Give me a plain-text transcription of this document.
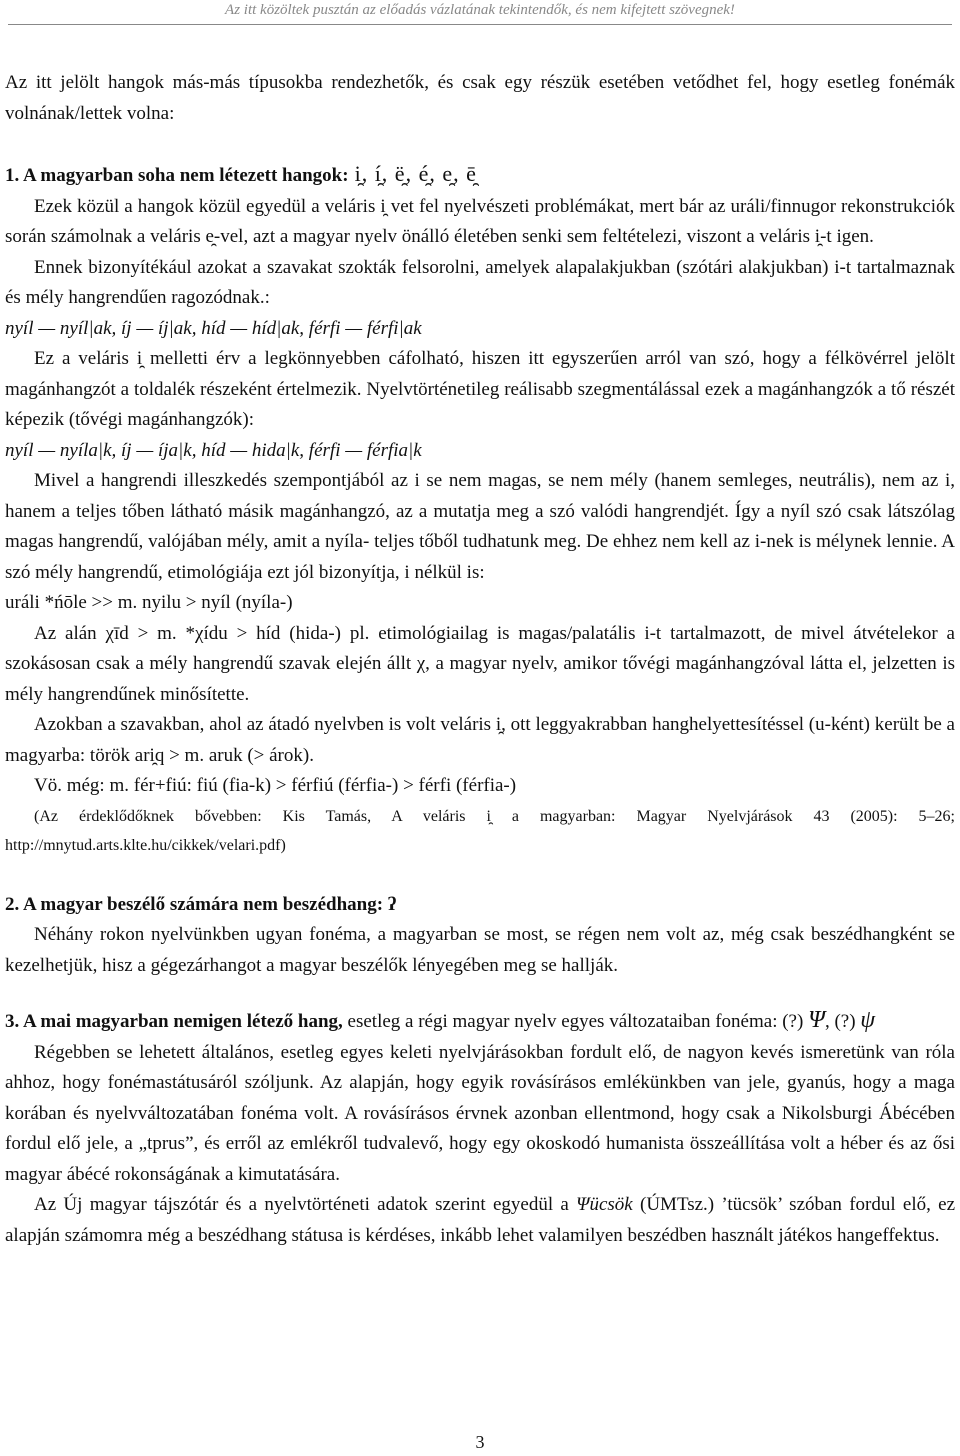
Az itt közöltek pusztán az előadás vázlatának tekintendők, és nem kifejtett szövegnek!

Az itt jelölt hangok más-más típusokba rendezhetők, és csak egy részük esetében vetődhet fel, hogy esetleg fonémák volnának/lettek volna:

1. A magyarban soha nem létezett hangok: i̯, í̯, ë̯, é̯, e̯, ē̯

Ezek közül a hangok közül egyedül a veláris i̯ vet fel nyelvészeti problémákat, mert bár az uráli/finnugor rekonstrukciók során számolnak a veláris e̯-vel, azt a magyar nyelv önálló életében senki sem feltételezi, viszont a veláris i̯-t igen.

Ennek bizonyítékául azokat a szavakat szokták felsorolni, amelyek alapalakjukban (szótári alakjukban) i-t tartalmaznak és mély hangrendűen ragozódnak.:

nyíl — nyíl|ak, íj — íj|ak, híd — híd|ak, férfi — férfi|ak

Ez a veláris i̯ melletti érv a legkönnyebben cáfolható, hiszen itt egyszerűen arról van szó, hogy a félkövérrel jelölt magánhangzót a toldalék részeként értelmezik. Nyelvtörténetileg reálisabb szegmentálással ezek a magánhangzók a tő részét képezik (tővégi magánhangzók):

nyíl — nyíla|k, íj — íja|k, híd — hida|k, férfi — férfia|k

Mivel a hangrendi illeszkedés szempontjából az i se nem magas, se nem mély (hanem semleges, neutrális), nem az i, hanem a teljes tőben látható másik magánhangzó, az a mutatja meg a szó valódi hangrendjét. Így a nyíl szó csak látszólag magas hangrendű, valójában mély, amit a nyíla- teljes tőből tudhatunk meg. De ehhez nem kell az i-nek is mélynek lennie. A szó mély hangrendű, etimológiája ezt jól bizonyítja, i nélkül is:

uráli *ńōle >> m. nyilu > nyíl (nyíla-)

Az alán χīd > m. *χídu > híd (hida-) pl. etimológiailag is magas/palatális i-t tartalmazott, de mivel átvételekor a szokásosan csak a mély hangrendű szavak elején állt χ, a magyar nyelv, amikor tővégi magánhangzóval látta el, jelzetten is mély hangrendűnek minősítette.

Azokban a szavakban, ahol az átadó nyelvben is volt veláris i̯, ott leggyakrabban hanghelyettesítéssel (u-ként) került be a magyarba: török ari̯q > m. aruk (> árok).

Vö. még: m. fér+fiú: fiú (fia-k) > férfiú (férfia-) > férfi (férfia-)

(Az érdeklődőknek bővebben: Kis Tamás, A veláris i̯ a magyarban: Magyar Nyelvjárások 43 (2005): 5–26; http://mnytud.arts.klte.hu/cikkek/velari.pdf)

2. A magyar beszélő számára nem beszédhang: ʔ

Néhány rokon nyelvünkben ugyan fonéma, a magyarban se most, se régen nem volt az, még csak beszédhangként se kezelhetjük, hisz a gégezárhangot a magyar beszélők lényegében meg se hallják.

3. A mai magyarban nemigen létező hang, esetleg a régi magyar nyelv egyes változataiban fonéma: (?) Ψ, (?) ψ

Régebben se lehetett általános, esetleg egyes keleti nyelvjárásokban fordult elő, de nagyon kevés ismeretünk van róla ahhoz, hogy fonémastátusáról szóljunk. Az alapján, hogy egyik rovásírásos emlékünkben van jele, gyanús, hogy a maga korában és nyelvváltozatában fonéma volt. A rovásírásos érvnek azonban ellentmond, hogy csak a Nikolsburgi Ábécében fordul elő jele, a „tprus”, és erről az emlékről tudvalevő, hogy egy okoskodó humanista összeállítása volt a héber és az ősi magyar ábécé rokonságának a kimutatására.

Az Új magyar tájszótár és a nyelvtörténeti adatok szerint egyedül a Ψücsök (ÚMTsz.) ’tücsök’ szóban fordul elő, ez alapján számomra még a beszédhang státusa is kérdéses, inkább lehet valamilyen beszédben használt játékos hangeffektus.

3
